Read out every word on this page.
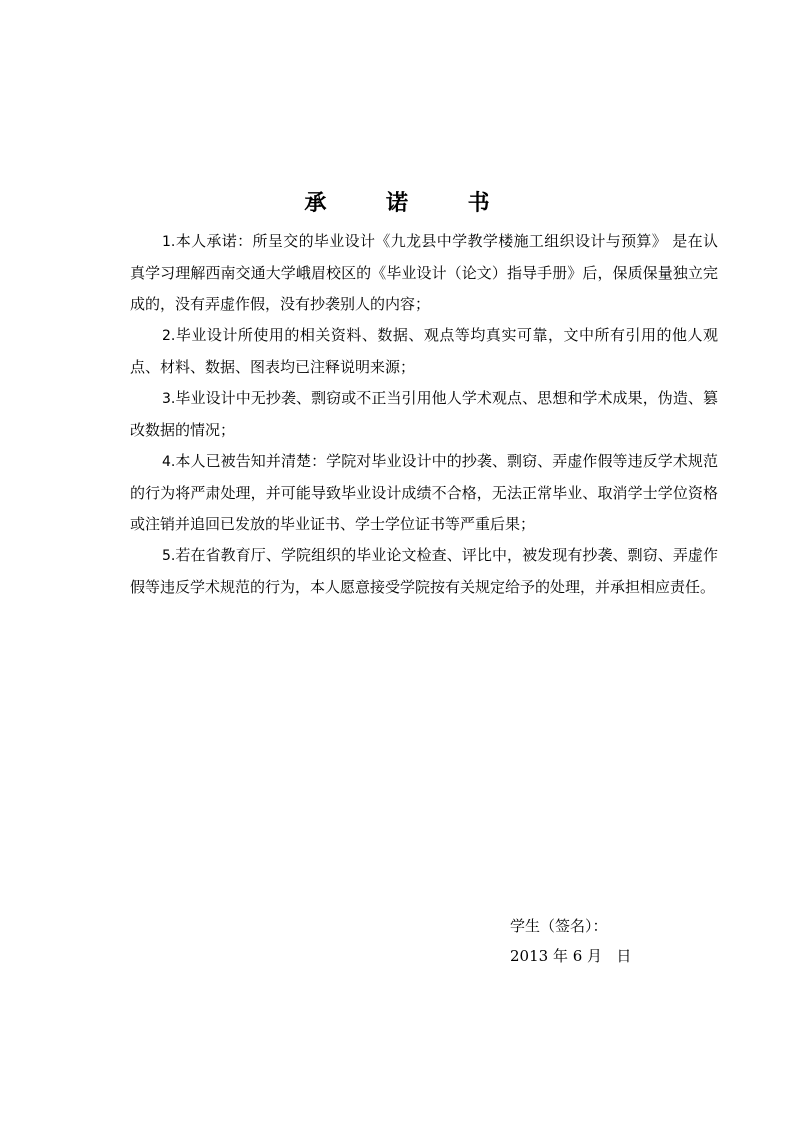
承 诺 书

1.本人承诺：所呈交的毕业设计《九龙县中学教学楼施工组织设计与预算》 是在认真学习理解西南交通大学峨眉校区的《毕业设计（论文）指导手册》后，保质保量独立完成的，没有弄虚作假，没有抄袭别人的内容；

2.毕业设计所使用的相关资料、数据、观点等均真实可靠，文中所有引用的他人观点、材料、数据、图表均已注释说明来源；

3.毕业设计中无抄袭、剽窃或不正当引用他人学术观点、思想和学术成果，伪造、篡改数据的情况；

4.本人已被告知并清楚：学院对毕业设计中的抄袭、剽窃、弄虚作假等违反学术规范的行为将严肃处理，并可能导致毕业设计成绩不合格，无法正常毕业、取消学士学位资格或注销并追回已发放的毕业证书、学士学位证书等严重后果；

5.若在省教育厅、学院组织的毕业论文检查、评比中，被发现有抄袭、剽窃、弄虚作假等违反学术规范的行为，本人愿意接受学院按有关规定给予的处理，并承担相应责任。

学生（签名）：

2013 年 6 月   日
